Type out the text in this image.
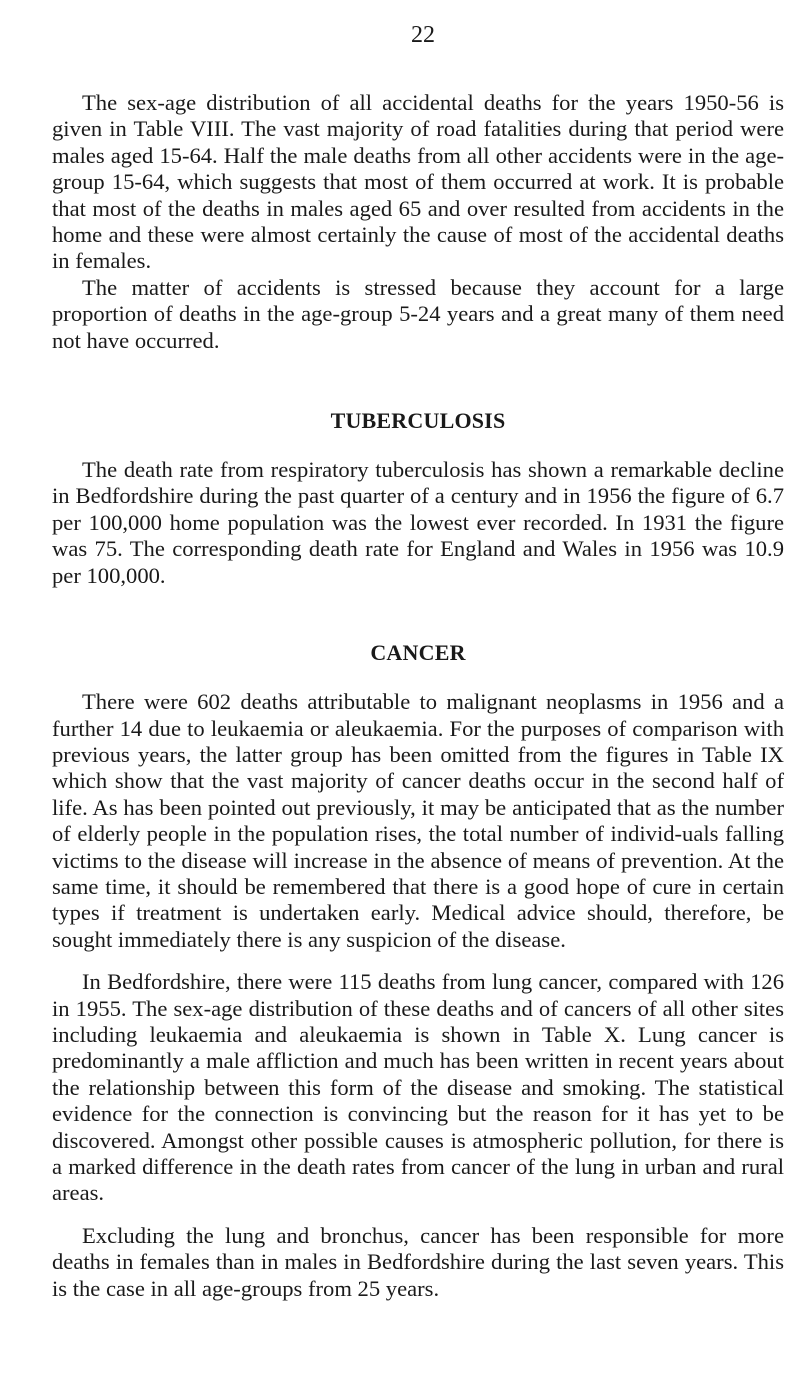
22

The sex-age distribution of all accidental deaths for the years 1950-56 is given in Table VIII. The vast majority of road fatalities during that period were males aged 15-64. Half the male deaths from all other accidents were in the age-group 15-64, which suggests that most of them occurred at work. It is probable that most of the deaths in males aged 65 and over resulted from accidents in the home and these were almost certainly the cause of most of the accidental deaths in females.

The matter of accidents is stressed because they account for a large proportion of deaths in the age-group 5-24 years and a great many of them need not have occurred.

TUBERCULOSIS

The death rate from respiratory tuberculosis has shown a remarkable decline in Bedfordshire during the past quarter of a century and in 1956 the figure of 6.7 per 100,000 home population was the lowest ever recorded. In 1931 the figure was 75. The corresponding death rate for England and Wales in 1956 was 10.9 per 100,000.

CANCER

There were 602 deaths attributable to malignant neoplasms in 1956 and a further 14 due to leukaemia or aleukaemia. For the purposes of comparison with previous years, the latter group has been omitted from the figures in Table IX which show that the vast majority of cancer deaths occur in the second half of life. As has been pointed out previously, it may be anticipated that as the number of elderly people in the population rises, the total number of individ-uals falling victims to the disease will increase in the absence of means of prevention. At the same time, it should be remembered that there is a good hope of cure in certain types if treatment is undertaken early. Medical advice should, therefore, be sought immediately there is any suspicion of the disease.

In Bedfordshire, there were 115 deaths from lung cancer, compared with 126 in 1955. The sex-age distribution of these deaths and of cancers of all other sites including leukaemia and aleukaemia is shown in Table X. Lung cancer is predominantly a male affliction and much has been written in recent years about the relationship between this form of the disease and smoking. The statistical evidence for the connection is convincing but the reason for it has yet to be discovered. Amongst other possible causes is atmospheric pollution, for there is a marked difference in the death rates from cancer of the lung in urban and rural areas.

Excluding the lung and bronchus, cancer has been responsible for more deaths in females than in males in Bedfordshire during the last seven years. This is the case in all age-groups from 25 years.
